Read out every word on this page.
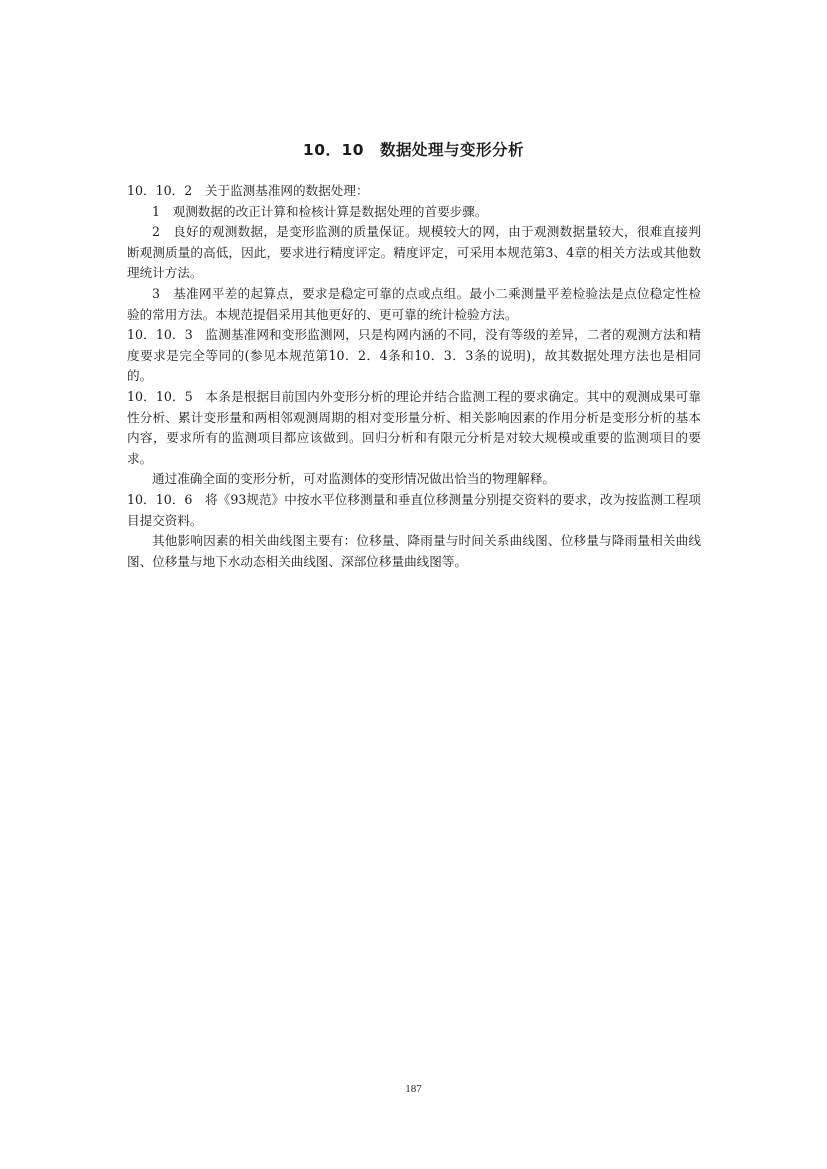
10．10　数据处理与变形分析

10．10．2　关于监测基准网的数据处理：

1　观测数据的改正计算和检核计算是数据处理的首要步骤。

2　良好的观测数据，是变形监测的质量保证。规模较大的网，由于观测数据量较大，很难直接判断观测质量的高低，因此，要求进行精度评定。精度评定，可采用本规范第3、4章的相关方法或其他数理统计方法。

3　基准网平差的起算点，要求是稳定可靠的点或点组。最小二乘测量平差检验法是点位稳定性检验的常用方法。本规范提倡采用其他更好的、更可靠的统计检验方法。

10．10．3　监测基准网和变形监测网，只是构网内涵的不同，没有等级的差异，二者的观测方法和精度要求是完全等同的(参见本规范第10．2．4条和10．3．3条的说明)，故其数据处理方法也是相同的。

10．10．5　本条是根据目前国内外变形分析的理论并结合监测工程的要求确定。其中的观测成果可靠性分析、累计变形量和两相邻观测周期的相对变形量分析、相关影响因素的作用分析是变形分析的基本内容，要求所有的监测项目都应该做到。回归分析和有限元分析是对较大规模或重要的监测项目的要求。

通过准确全面的变形分析，可对监测体的变形情况做出恰当的物理解释。

10．10．6　将《93规范》中按水平位移测量和垂直位移测量分别提交资料的要求，改为按监测工程项目提交资料。

其他影响因素的相关曲线图主要有：位移量、降雨量与时间关系曲线图、位移量与降雨量相关曲线图、位移量与地下水动态相关曲线图、深部位移量曲线图等。

187
